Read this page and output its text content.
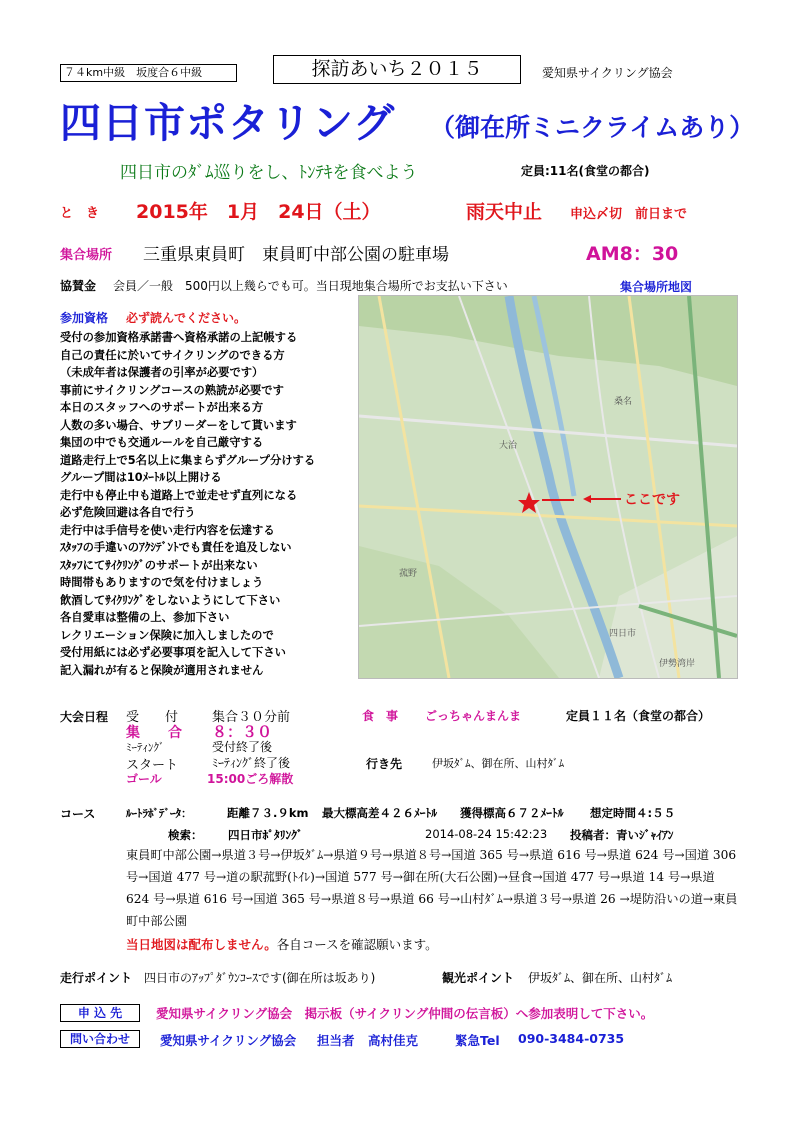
７４km中級　坂度合６中級	探訪あいち２０１５	愛知県サイクリング協会
四日市ポタリング （御在所ミニクライムあり）
四日市のﾀﾞﾑ巡りをし、ﾄﾝﾃｷを食べよう	定員:11名(食堂の都合)
と　き 2015年　1月　24日（土）	雨天中止 申込〆切　前日まで
集合場所 三重県東員町　東員町中部公園の駐車場	AM8：30
協賛金 会員／一般　500円以上幾らでも可。当日現地集合場所でお支払い下さい	集合場所地図
参加資格 必ず読んでください。
受付の参加資格承諾書へ資格承諾の上記帳する
自己の責任に於いてサイクリングのできる方
（未成年者は保護者の引率が必要です）
事前にサイクリングコースの熟読が必要です
本日のスタッフへのサポートが出来る方
人数の多い場合、サブリーダーをして貰います
集団の中でも交通ルールを自己厳守する
道路走行上で5名以上に集まらずグループ分けする
グループ間は10ﾒｰﾄﾙ以上開ける
走行中も停止中も道路上で並走せず直列になる
必ず危険回避は各自で行う
走行中は手信号を使い走行内容を伝達する
ｽﾀｯﾌの手違いのｱｸｼﾃﾞﾝﾄでも責任を追及しない
ｽﾀｯﾌにてｻｲｸﾘﾝｸﾞのサポートが出来ない
時間帯もありますので気を付けましょう
飲酒してｻｲｸﾘﾝｸﾞをしないようにして下さい
各自愛車は整備の上、参加下さい
レクリエーション保険に加入しましたので
受付用紙には必ず必要事項を記入して下さい
記入漏れが有ると保険が適用されません
桑名
大治
四日市
菰野
伊勢湾岸
ここです
大会日程 受　　付	集合３０分前	食　事 ごっちゃんまんま	定員１１名（食堂の都合）
集　　合 ８：３０
ﾐｰﾃｨﾝｸﾞ	受付終了後
スタート	ﾐｰﾃｨﾝｸﾞ終了後	行き先	伊坂ﾀﾞﾑ、御在所、山村ﾀﾞﾑ
ゴール	15:00ごろ解散
コース	ﾙｰﾄﾗﾎﾞﾃﾞｰﾀ：	距離７３.９km 最大標高差４２６ﾒｰﾄﾙ 獲得標高６７２ﾒｰﾄﾙ 想定時間４:５５
検索： 四日市ﾎﾟﾀﾘﾝｸﾞ	2014-08-24 15:42:23 投稿者：青いｼﾞｬｲｱﾝ
東員町中部公園→県道３号→伊坂ﾀﾞﾑ→県道９号→県道８号→国道 365 号→県道 616 号→県道 624 号→国道 306 号→国道 477 号→道の駅菰野(ﾄｲﾚ)→国道 577 号→御在所(大石公園)→昼食→国道 477 号→県道 14 号→県道 624 号→県道 616 号→国道 365 号→県道８号→県道 66 号→山村ﾀﾞﾑ→県道３号→県道 26 →堤防沿いの道→東員町中部公園
当日地図は配布しません。各自コースを確認願います。
走行ポイント 四日市のｱｯﾌﾟﾀﾞｳﾝｺｰｽです(御在所は坂あり)	観光ポイント 伊坂ﾀﾞﾑ、御在所、山村ﾀﾞﾑ
申 込 先	愛知県サイクリング協会　掲示板（サイクリング仲間の伝言板）へ参加表明して下さい。
問い合わせ	愛知県サイクリング協会 担当者 高村佳克	緊急Tel 090-3484-0735
